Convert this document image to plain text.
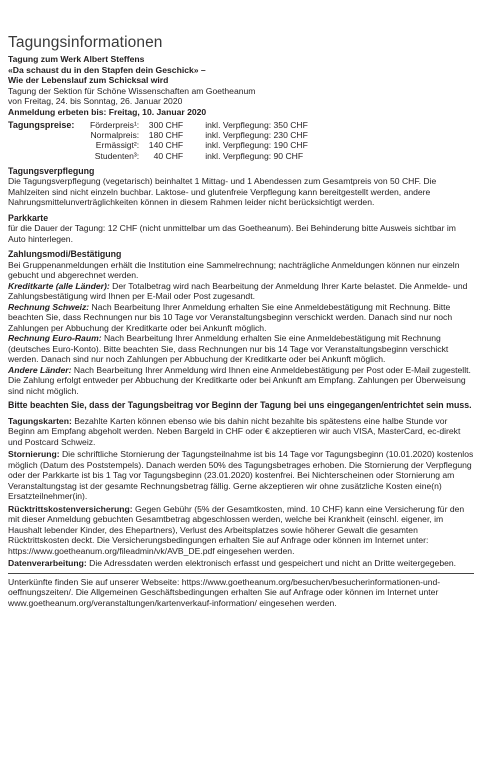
Tagungsinformationen

Tagung zum Werk Albert Steffens

«Da schaust du in den Stapfen dein Geschick» –

Wie der Lebenslauf zum Schicksal wird

Tagung der Sektion für Schöne Wissenschaften am Goetheanum

von Freitag, 24. bis Sonntag, 26. Januar 2020

Anmeldung erbeten bis: Freitag, 10. Januar 2020

Tagungspreise:	Förderpreis¹:	300 CHF	inkl. Verpflegung: 350 CHF
Normalpreis:	180 CHF	inkl. Verpflegung: 230 CHF
Ermässigt²:	140 CHF	inkl. Verpflegung: 190 CHF
Studenten³:	40 CHF	inkl. Verpflegung: 90 CHF

Tagungsverpflegung

Die Tagungsverpflegung (vegetarisch) beinhaltet 1 Mittag- und 1 Abendessen zum Gesamtpreis von 50 CHF. Die Mahlzeiten sind nicht einzeln buchbar. Laktose- und glutenfreie Verpflegung kann bereitgestellt werden, andere Nahrungsmittelunverträglichkeiten können in diesem Rahmen leider nicht berücksichtigt werden.

Parkkarte

für die Dauer der Tagung: 12 CHF (nicht unmittelbar um das Goetheanum). Bei Behinderung bitte Ausweis sichtbar im Auto hinterlegen.

Zahlungsmodi/Bestätigung

Bei Gruppenanmeldungen erhält die Institution eine Sammelrechnung; nachträgliche Anmeldungen können nur einzeln gebucht und abgerechnet werden.

Kreditkarte (alle Länder): Der Totalbetrag wird nach Bearbeitung der Anmeldung Ihrer Karte belastet. Die Anmelde- und Zahlungsbestätigung wird Ihnen per E-Mail oder Post zugesandt.

Rechnung Schweiz: Nach Bearbeitung Ihrer Anmeldung erhalten Sie eine Anmeldebestätigung mit Rechnung. Bitte beachten Sie, dass Rechnungen nur bis 10 Tage vor Veranstaltungsbeginn verschickt werden. Danach sind nur noch Zahlungen per Abbuchung der Kreditkarte oder bei Ankunft möglich.

Rechnung Euro-Raum: Nach Bearbeitung Ihrer Anmeldung erhalten Sie eine Anmeldebestätigung mit Rechnung (deutsches Euro-Konto). Bitte beachten Sie, dass Rechnungen nur bis 14 Tage vor Veranstaltungsbeginn verschickt werden. Danach sind nur noch Zahlungen per Abbuchung der Kreditkarte oder bei Ankunft möglich.

Andere Länder: Nach Bearbeitung Ihrer Anmeldung wird Ihnen eine Anmeldebestätigung per Post oder E-Mail zugestellt. Die Zahlung erfolgt entweder per Abbuchung der Kreditkarte oder bei Ankunft am Empfang. Zahlungen per Überweisung sind nicht möglich.

Bitte beachten Sie, dass der Tagungsbeitrag vor Beginn der Tagung bei uns eingegangen/entrichtet sein muss.

Tagungskarten: Bezahlte Karten können ebenso wie bis dahin nicht bezahlte bis spätestens eine halbe Stunde vor Beginn am Empfang abgeholt werden. Neben Bargeld in CHF oder € akzeptieren wir auch VISA, MasterCard, ec-direkt und Postcard Schweiz.

Stornierung: Die schriftliche Stornierung der Tagungsteilnahme ist bis 14 Tage vor Tagungsbeginn (10.01.2020) kostenlos möglich (Datum des Poststempels). Danach werden 50% des Tagungsbetrages erhoben. Die Stornierung der Verpflegung oder der Parkkarte ist bis 1 Tag vor Tagungsbeginn (23.01.2020) kostenfrei. Bei Nichterscheinen oder Stornierung am Veranstaltungstag ist der gesamte Rechnungsbetrag fällig. Gerne akzeptieren wir ohne zusätzliche Kosten eine(n) Ersatzteilnehmer(in).

Rücktrittskostenversicherung: Gegen Gebühr (5% der Gesamtkosten, mind. 10 CHF) kann eine Versicherung für den mit dieser Anmeldung gebuchten Gesamtbetrag abgeschlossen werden, welche bei Krankheit (einschl. eigener, im Haushalt lebender Kinder, des Ehepartners), Verlust des Arbeitsplatzes sowie höherer Gewalt die gesamten Rücktrittskosten deckt. Die Versicherungsbedingungen erhalten Sie auf Anfrage oder können im Internet unter: https://www.goetheanum.org/fileadmin/vk/AVB_DE.pdf eingesehen werden.

Datenverarbeitung: Die Adressdaten werden elektronisch erfasst und gespeichert und nicht an Dritte weitergegeben.

Unterkünfte finden Sie auf unserer Webseite: https://www.goetheanum.org/besuchen/besucherinformationen-und-oeffnungszeiten/. Die Allgemeinen Geschäftsbedingungen erhalten Sie auf Anfrage oder können im Internet unter www.goetheanum.org/veranstaltungen/kartenverkauf-information/ eingesehen werden.
